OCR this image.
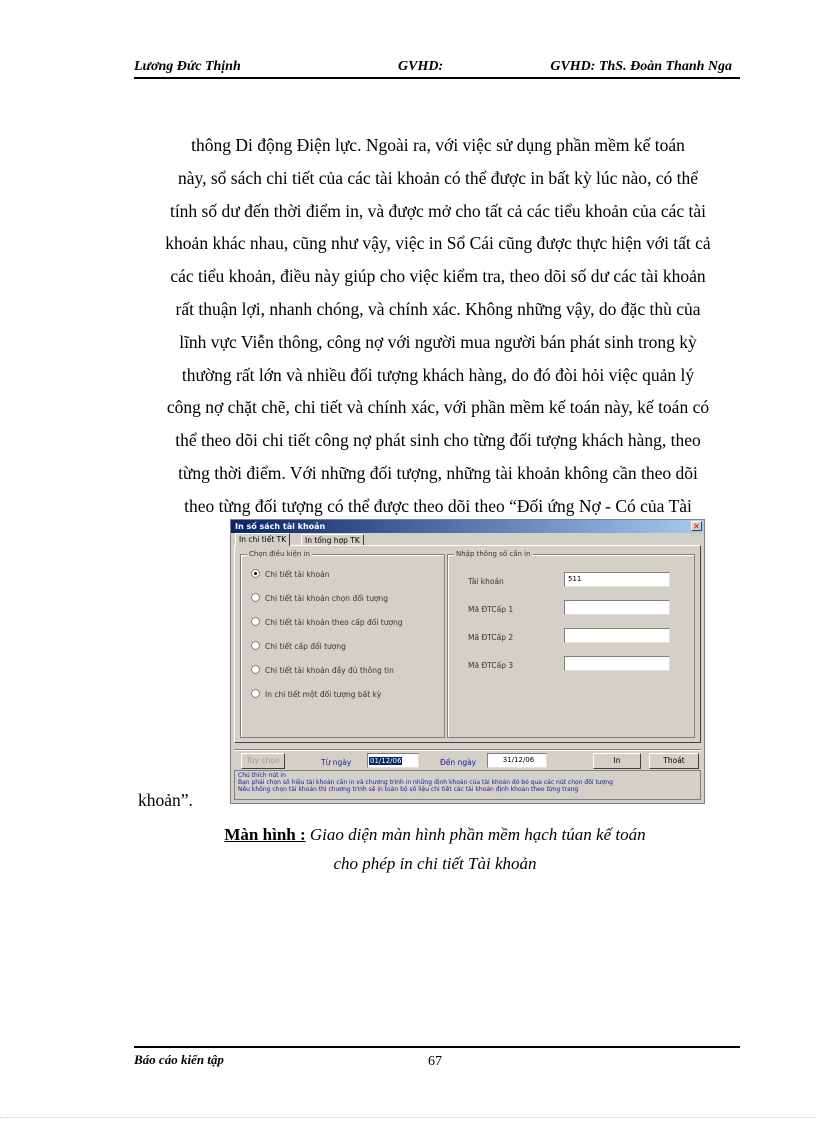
Lương Đức Thịnh	GVHD:	GVHD: ThS. Đoàn Thanh Nga
thông Di động Điện lực. Ngoài ra, với việc sử dụng phần mềm kế toán
này, sổ sách chi tiết của các tài khoản có thể được in bất kỳ lúc nào, có thể
tính số dư đến thời điểm in, và được mở cho tất cả các tiểu khoản của các tài
khoản khác nhau, cũng như vậy, việc in Sổ Cái cũng được thực hiện với tất cả
các tiểu khoản, điều này giúp cho việc kiểm tra, theo dõi số dư các tài khoản
rất thuận lợi, nhanh chóng, và chính xác. Không những vậy, do đặc thù của
lĩnh vực Viễn thông, công nợ với người mua người bán phát sinh trong kỳ
thường rất lớn và nhiều đối tượng khách hàng, do đó đòi hỏi việc quản lý
công nợ chặt chẽ, chi tiết và chính xác, với phần mềm kế toán này, kế toán có
thể theo dõi chi tiết công nợ phát sinh cho từng đối tượng khách hàng, theo
từng thời điểm. Với những đối tượng, những tài khoản không cần theo dõi
theo từng đối tượng có thể được theo dõi theo “Đối ứng Nợ - Có của Tài
khoản”.
In số sách tài khoản	✕
In chi tiết TK	In tổng hợp TK
Chọn điều kiện in
Chi tiết tài khoản
Chi tiết tài khoản chọn đối tượng
Chi tiết tài khoản theo cấp đối tượng
Chi tiết cấp đối tượng
Chi tiết tài khoản đầy đủ thông tin
In chi tiết một đối tượng bất kỳ
Nhập thông số cần in
Tài khoản	511
Mã ĐTCấp 1
Mã ĐTCấp 2
Mã ĐTCấp 3
Tùy chọn	Từ ngày	01/12/06	Đến ngày	31/12/06	In	Thoát
Chú thích nút in
Bạn phải chọn số hiệu tài khoản cần in và chương trình in những định khoản của tài khoản đó bỏ qua các nút chọn đối tượng
Nếu không chọn tài khoản thì chương trình sẽ in toàn bộ số liệu chi tiết các tài khoản định khoản theo từng trang
Màn hình : Giao diện màn hình phần mềm hạch túan kế toán
cho phép in chi tiết Tài khoản
Báo cáo kiến tập	67
